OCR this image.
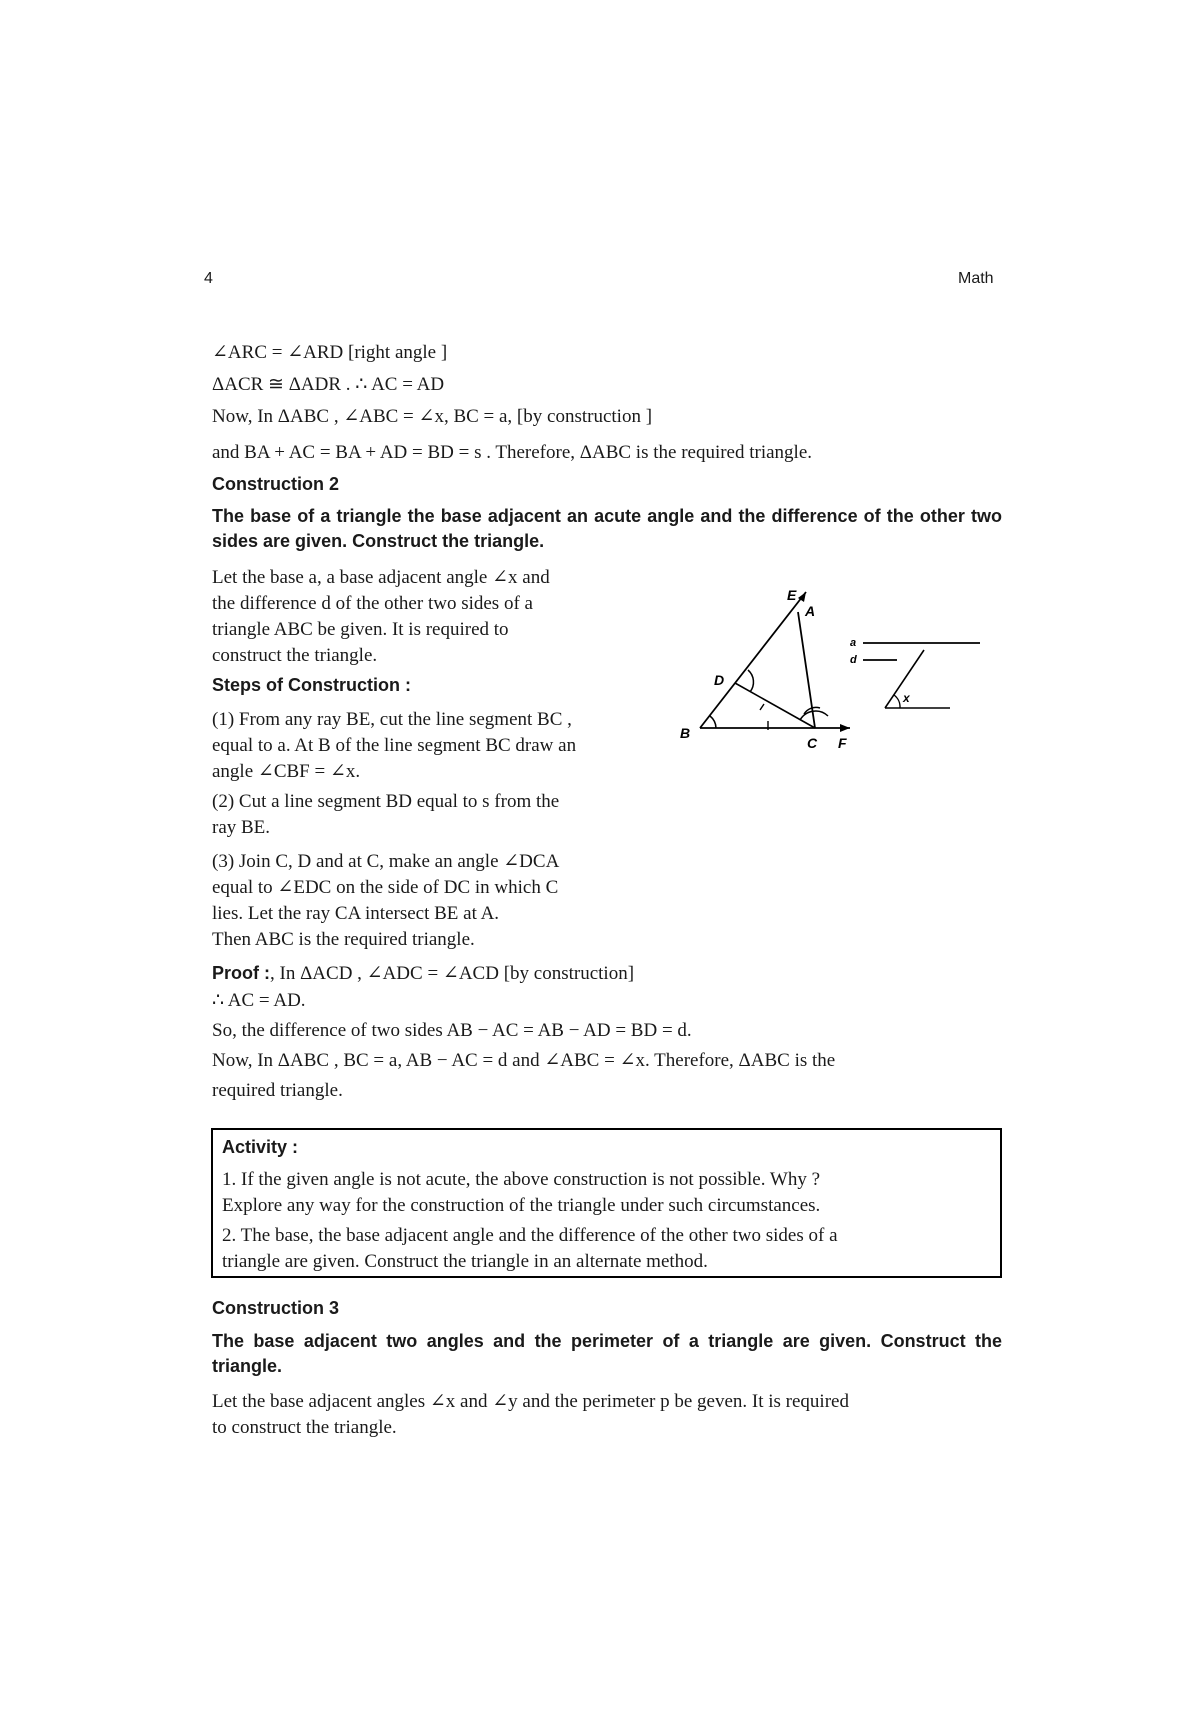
4	Math
∠ARC = ∠ARD [right angle ]
ΔACR ≅ ΔADR . ∴ AC = AD
Now, In ΔABC , ∠ABC = ∠x, BC = a, [by construction ]
and BA + AC = BA + AD = BD = s . Therefore, ΔABC is the required triangle.
Construction 2
The base of a triangle the base adjacent an acute angle and the difference of the other two sides are given. Construct the triangle.
Let the base a, a base adjacent angle ∠x and
the difference d of the other two sides of a
triangle ABC be given. It is required to
construct the triangle.
Steps of Construction :
(1) From any ray BE, cut the line segment BC ,
equal to a. At B of the line segment BC draw an
angle ∠CBF = ∠x.
(2) Cut a line segment BD equal to s from the
ray BE.
(3) Join C, D and at C, make an angle ∠DCA
equal to ∠EDC on the side of DC in which C
lies. Let the ray CA intersect BE at A.
Then ABC is the required triangle.
Proof :, In ΔACD , ∠ADC = ∠ACD [by construction]
∴ AC = AD.
So, the difference of two sides AB − AC = AB − AD = BD = d.
Now, In ΔABC , BC = a, AB − AC = d and ∠ABC = ∠x. Therefore, ΔABC is the
required triangle.
E
A
D
B
C F
a
d
x
Activity :
1. If the given angle is not acute, the above construction is not possible. Why ?
Explore any way for the construction of the triangle under such circumstances.
2. The base, the base adjacent angle and the difference of the other two sides of a
triangle are given. Construct the triangle in an alternate method.
Construction 3
The base adjacent two angles and the perimeter of a triangle are given. Construct the triangle.
Let the base adjacent angles ∠x and ∠y and the perimeter p be geven. It is required
to construct the triangle.
